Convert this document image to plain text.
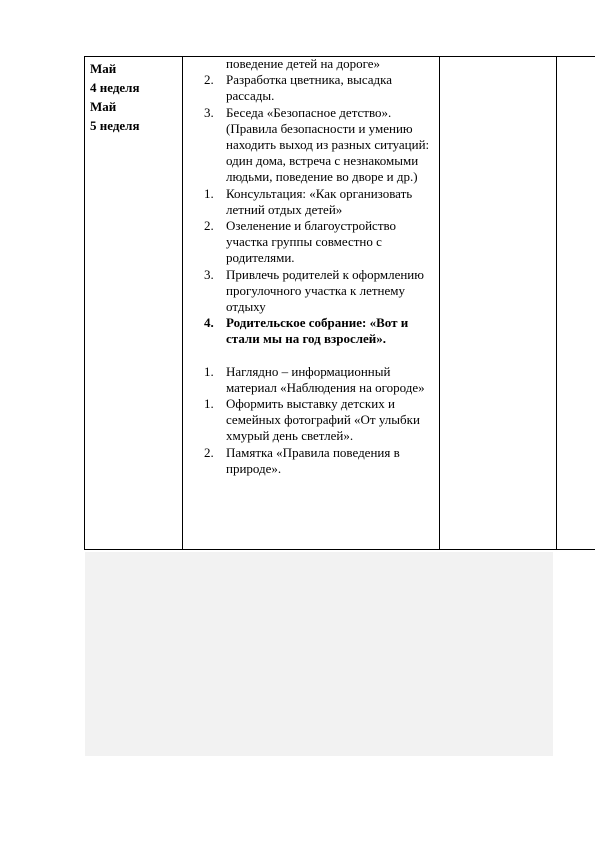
Май
4 неделя
Май
5 неделя
поведение детей на дороге»
2. Разработка цветника, высадка рассады.
3. Беседа «Безопасное детство». (Правила безопасности и умению находить выход из разных ситуаций: один дома, встреча с незнакомыми людьми, поведение во дворе и др.)
1. Консультация: «Как организовать летний отдых детей»
2. Озеленение и благоустройство участка группы совместно с родителями.
3. Привлечь родителей к оформлению прогулочного участка к летнему отдыху
4. Родительское собрание: «Вот и стали мы на год взрослей».
1. Наглядно – информационный материал «Наблюдения на огороде»
1. Оформить выставку детских и семейных фотографий «От улыбки хмурый день светлей».
2. Памятка «Правила поведения в природе».
